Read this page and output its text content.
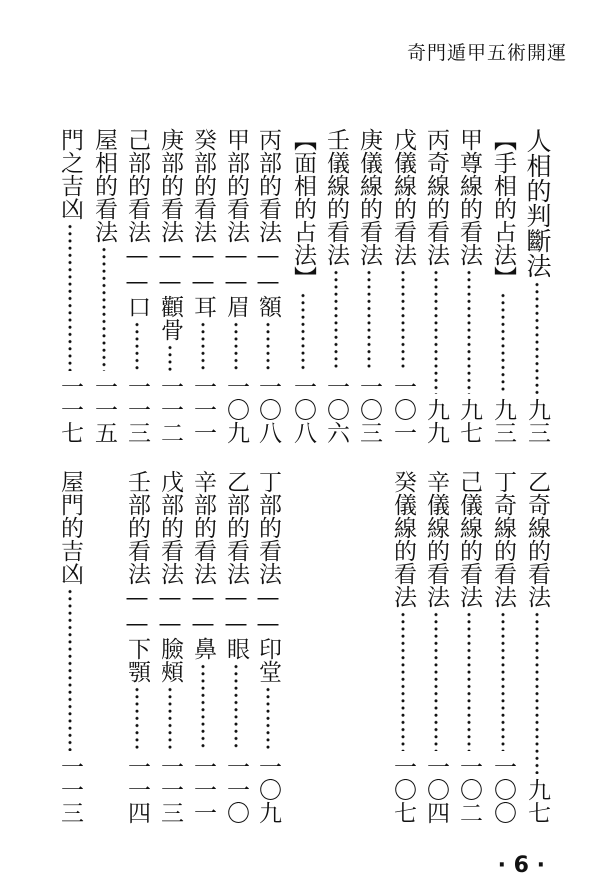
奇門遁甲五術開運
人相的判斷法
九三
【手相的占法】
九三
甲尊線的看法
九七
丙奇線的看法
九九
戊儀線的看法
一〇一
庚儀線的看法
一〇三
壬儀線的看法
一〇六
【面相的占法】
一〇八
丙部的看法——額
一〇八
甲部的看法——眉
一〇九
癸部的看法——耳
一一一
庚部的看法——顴骨
一一二
己部的看法——口
一一三
屋相的看法
一一五
門之吉凶
一一七
乙奇線的看法
九七
丁奇線的看法
一〇〇
己儀線的看法
一〇二
辛儀線的看法
一〇四
癸儀線的看法
一〇七
丁部的看法——印堂
一〇九
乙部的看法——眼
一一〇
辛部的看法——鼻
一一一
戊部的看法——臉頰
一一三
壬部的看法——下顎
一一四
屋門的吉凶
一一三
· 6 ·
